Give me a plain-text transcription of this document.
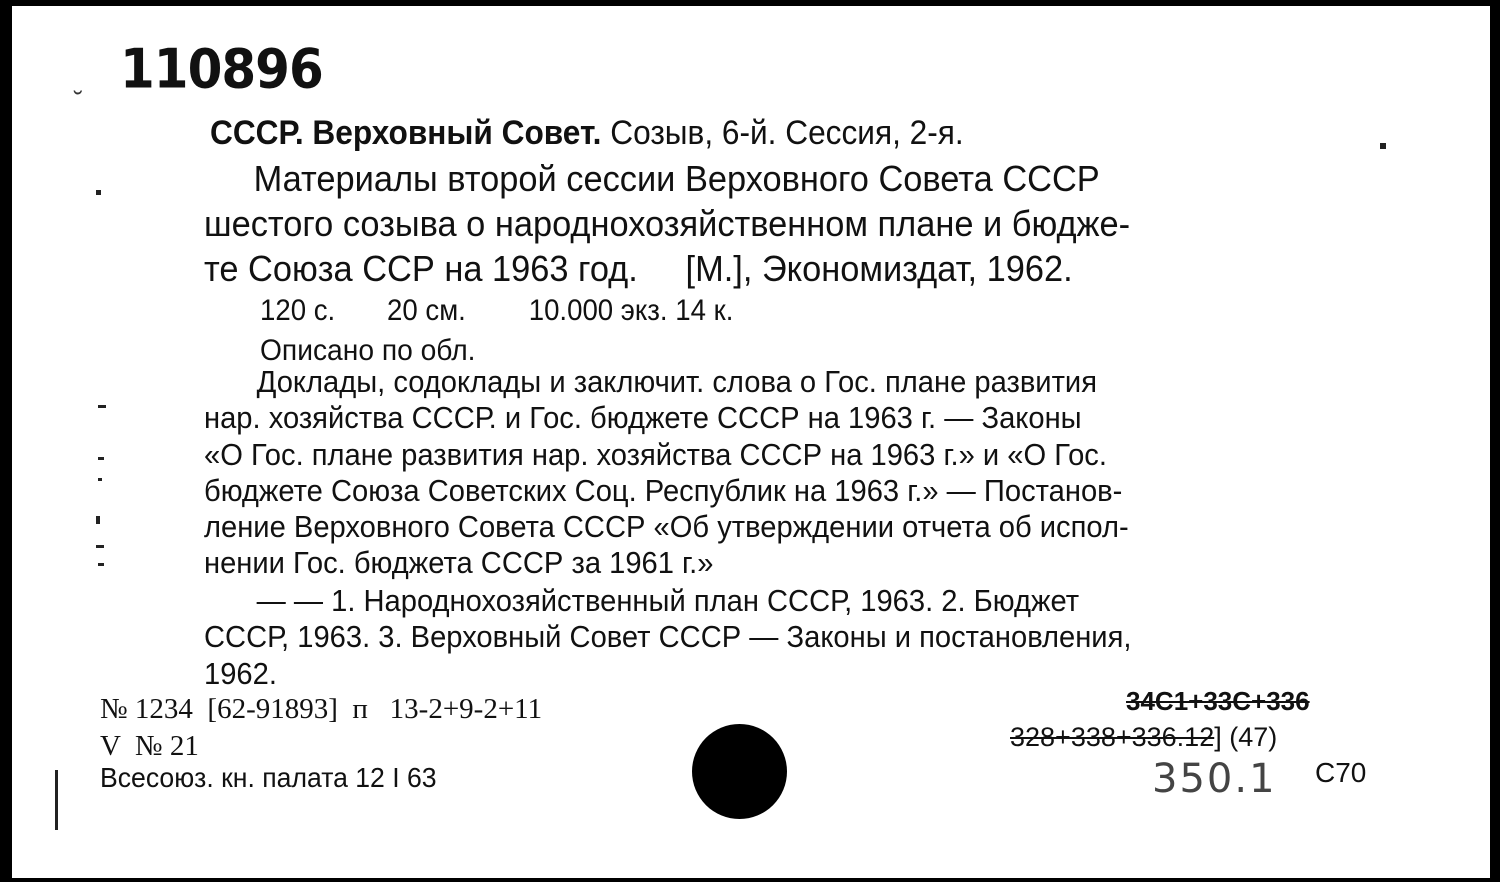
110896
˘
СССР. Верховный Совет. Созыв, 6-й. Сессия, 2-я.
Материалы второй сессии Верховного Совета СССР
шестого созыва о народнохозяйственном плане и бюдже-
те Союза ССР на 1963 год.     [М.], Экономиздат, 1962.
120 с. 20 см. 10.000 экз. 14 к.
Описано по обл.
Доклады, содоклады и заключит. слова о Гос. плане развития
нар. хозяйства СССР. и Гос. бюджете СССР на 1963 г. — Законы
«О Гос. плане развития нар. хозяйства СССР на 1963 г.» и «О Гос.
бюджете Союза Советских Соц. Республик на 1963 г.» — Постанов-
ление Верховного Совета СССР «Об утверждении отчета об испол-
нении Гос. бюджета СССР за 1961 г.»
— — 1. Народнохозяйственный план СССР, 1963. 2. Бюджет
СССР, 1963. 3. Верховный Совет СССР — Законы и постановления,
1962.
№ 1234  [62-91893]  п   13-2+9-2+11
V  № 21
Всесоюз. кн. палата 12 I 63
34С1+33С+336
328+338+336.12] (47)
350.1 С70
